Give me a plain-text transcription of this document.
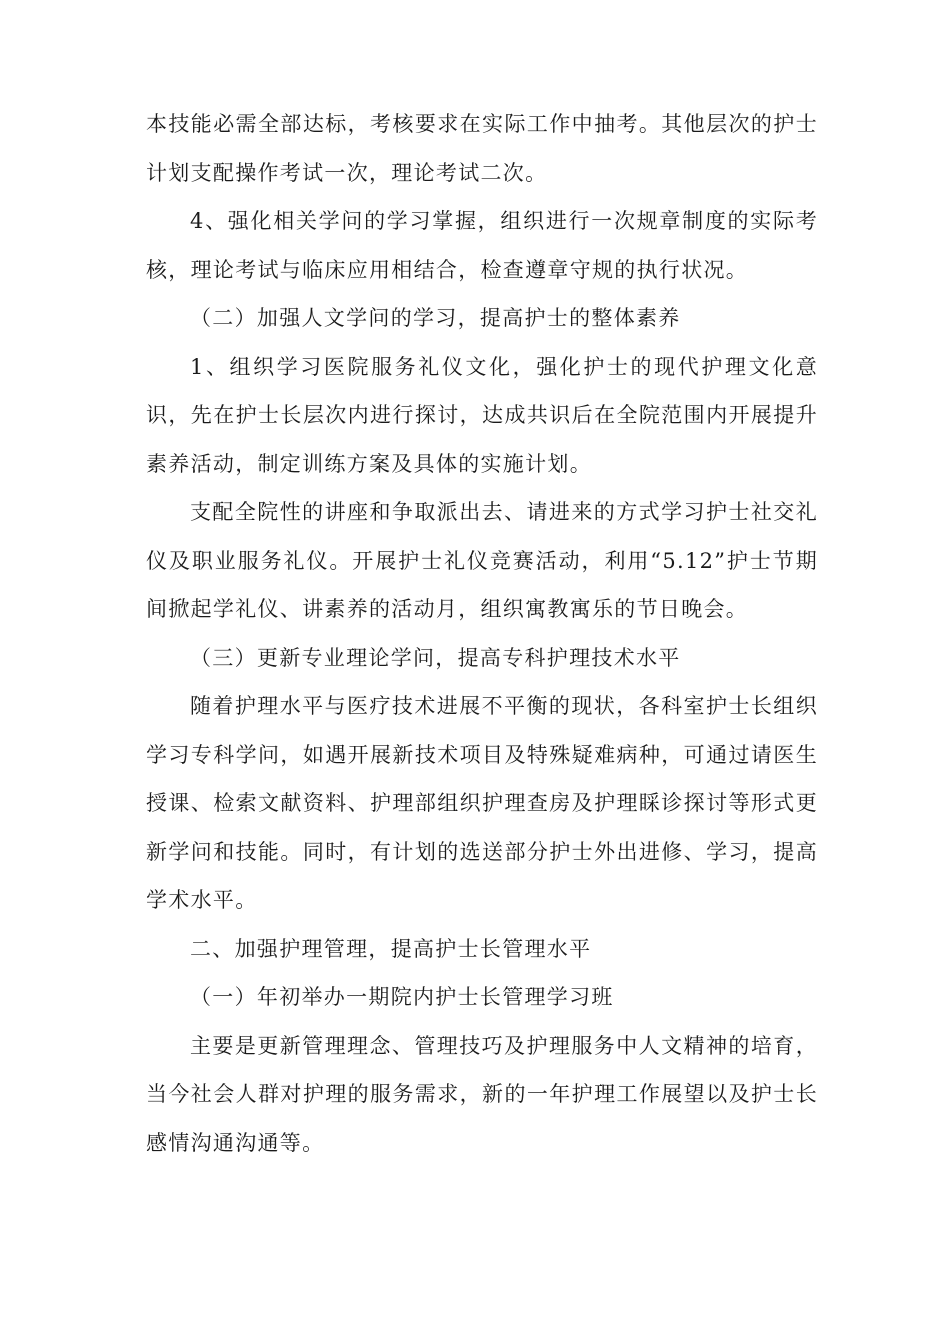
本技能必需全部达标，考核要求在实际工作中抽考。其他层次的护士计划支配操作考试一次，理论考试二次。

4、强化相关学问的学习掌握，组织进行一次规章制度的实际考核，理论考试与临床应用相结合，检查遵章守规的执行状况。

（二）加强人文学问的学习，提高护士的整体素养

1、组织学习医院服务礼仪文化，强化护士的现代护理文化意识，先在护士长层次内进行探讨，达成共识后在全院范围内开展提升素养活动，制定训练方案及具体的实施计划。

支配全院性的讲座和争取派出去、请进来的方式学习护士社交礼仪及职业服务礼仪。开展护士礼仪竞赛活动，利用“5.12”护士节期间掀起学礼仪、讲素养的活动月，组织寓教寓乐的节日晚会。

（三）更新专业理论学问，提高专科护理技术水平

随着护理水平与医疗技术进展不平衡的现状，各科室护士长组织学习专科学问，如遇开展新技术项目及特殊疑难病种，可通过请医生授课、检索文献资料、护理部组织护理查房及护理睬诊探讨等形式更新学问和技能。同时，有计划的选送部分护士外出进修、学习，提高学术水平。

二、加强护理管理，提高护士长管理水平

（一）年初举办一期院内护士长管理学习班

主要是更新管理理念、管理技巧及护理服务中人文精神的培育，当今社会人群对护理的服务需求，新的一年护理工作展望以及护士长感情沟通沟通等。
